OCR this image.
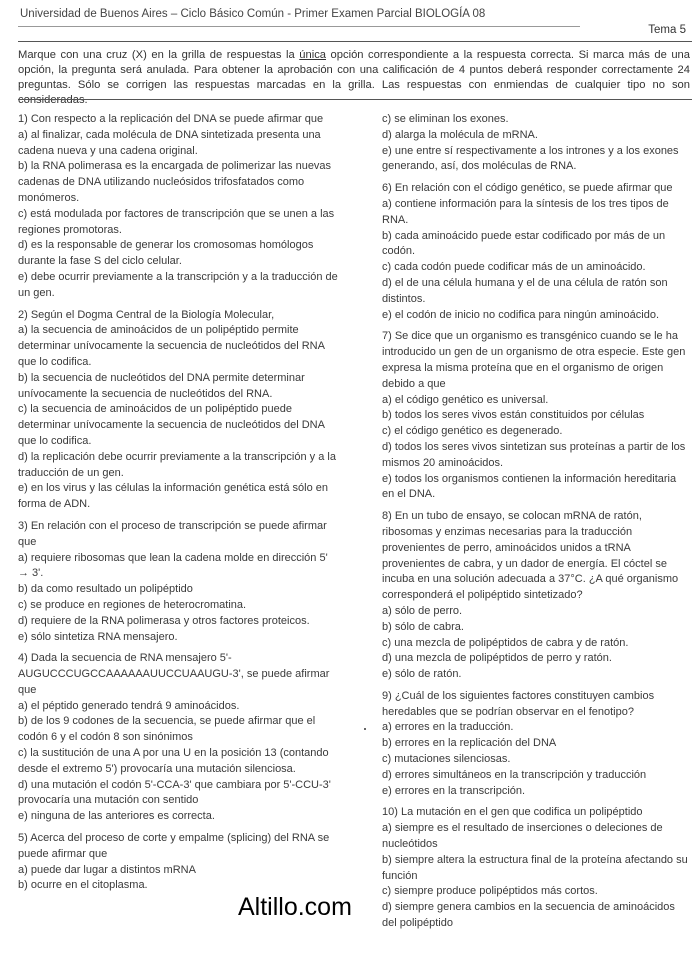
Universidad de Buenos Aires – Ciclo Básico Común - Primer Examen Parcial BIOLOGÍA 08
Tema 5
Marque con una cruz (X) en la grilla de respuestas la única opción correspondiente a la respuesta correcta. Si marca más de una opción, la pregunta será anulada. Para obtener la aprobación con una calificación de 4 puntos deberá responder correctamente 24 preguntas. Sólo se corrigen las respuestas marcadas en la grilla. Las respuestas con enmiendas de cualquier tipo no son consideradas.

1) Con respecto a la replicación del DNA se puede afirmar que

a) al finalizar, cada molécula de DNA sintetizada presenta una cadena nueva y una cadena original.

b) la RNA polimerasa es la encargada de polimerizar las nuevas cadenas de DNA utilizando nucleósidos trifosfatados como monómeros.

c) está modulada por factores de transcripción que se unen a las regiones promotoras.

d) es la responsable de generar los cromosomas homólogos durante la fase S del ciclo celular.

e) debe ocurrir previamente a la transcripción y a la traducción de un gen.

2) Según el Dogma Central de la Biología Molecular,

a) la secuencia de aminoácidos de un polipéptido permite determinar unívocamente la secuencia de nucleótidos del RNA que lo codifica.

b) la secuencia de nucleótidos del DNA permite determinar unívocamente la secuencia de nucleótidos del RNA.

c) la secuencia de aminoácidos de un polipéptido puede determinar unívocamente la secuencia de nucleótidos del DNA que lo codifica.

d) la replicación debe ocurrir previamente a la transcripción y a la traducción de un gen.

e) en los virus y las células la información genética está sólo en forma de ADN.

3) En relación con el proceso de transcripción se puede afirmar que

a) requiere ribosomas que lean la cadena molde en dirección 5' → 3'.

b) da como resultado un polipéptido

c) se produce en regiones de heterocromatina.

d) requiere de la RNA polimerasa y otros factores proteicos.

e) sólo sintetiza RNA mensajero.

4) Dada la secuencia de RNA mensajero 5'-AUGUCCCUGCCAAAAAAUUCCUAAUGU-3', se puede afirmar que

a) el péptido generado tendrá 9 aminoácidos.

b) de los 9 codones de la secuencia, se puede afirmar que el codón 6 y el codón 8 son sinónimos

c) la sustitución de una A por una U en la posición 13 (contando desde el extremo 5') provocaría una mutación silenciosa.

d) una mutación el codón 5'-CCA-3' que cambiara por 5'-CCU-3' provocaría una mutación con sentido

e) ninguna de las anteriores es correcta.

5) Acerca del proceso de corte y empalme (splicing) del RNA se puede afirmar que

a) puede dar lugar a distintos mRNA

b) ocurre en el citoplasma.

c) se eliminan los exones.

d) alarga la molécula de mRNA.

e) une entre sí respectivamente a los intrones y a los exones generando, así, dos moléculas de RNA.

6) En relación con el código genético, se puede afirmar que

a) contiene información para la síntesis de los tres tipos de RNA.

b) cada aminoácido puede estar codificado por más de un codón.

c) cada codón puede codificar más de un aminoácido.

d) el de una célula humana y el de una célula de ratón son distintos.

e) el codón de inicio no codifica para ningún aminoácido.

7) Se dice que un organismo es transgénico cuando se le ha introducido un gen de un organismo de otra especie. Este gen expresa la misma proteína que en el organismo de origen debido a que

a) el código genético es universal.

b) todos los seres vivos están constituidos por células

c) el código genético es degenerado.

d) todos los seres vivos sintetizan sus proteínas a partir de los mismos 20 aminoácidos.

e) todos los organismos contienen la información hereditaria en el DNA.

8) En un tubo de ensayo, se colocan mRNA de ratón, ribosomas y enzimas necesarias para la traducción provenientes de perro, aminoácidos unidos a tRNA provenientes de cabra, y un dador de energía. El cóctel se incuba en una solución adecuada a 37°C. ¿A qué organismo corresponderá el polipéptido sintetizado?

a) sólo de perro.

b) sólo de cabra.

c) una mezcla de polipéptidos de cabra y de ratón.

d) una mezcla de polipéptidos de perro y ratón.

e) sólo de ratón.

9) ¿Cuál de los siguientes factores constituyen cambios heredables que se podrían observar en el fenotipo?

a) errores en la traducción.

b) errores en la replicación del DNA

c) mutaciones silenciosas.

d) errores simultáneos en la transcripción y traducción

e) errores en la transcripción.

10) La mutación en el gen que codifica un polipéptido

a) siempre es el resultado de inserciones o deleciones de nucleótidos

b) siempre altera la estructura final de la proteína afectando su función

c) siempre produce polipéptidos más cortos.

d) siempre genera cambios en la secuencia de aminoácidos del polipéptido

Altillo.com
